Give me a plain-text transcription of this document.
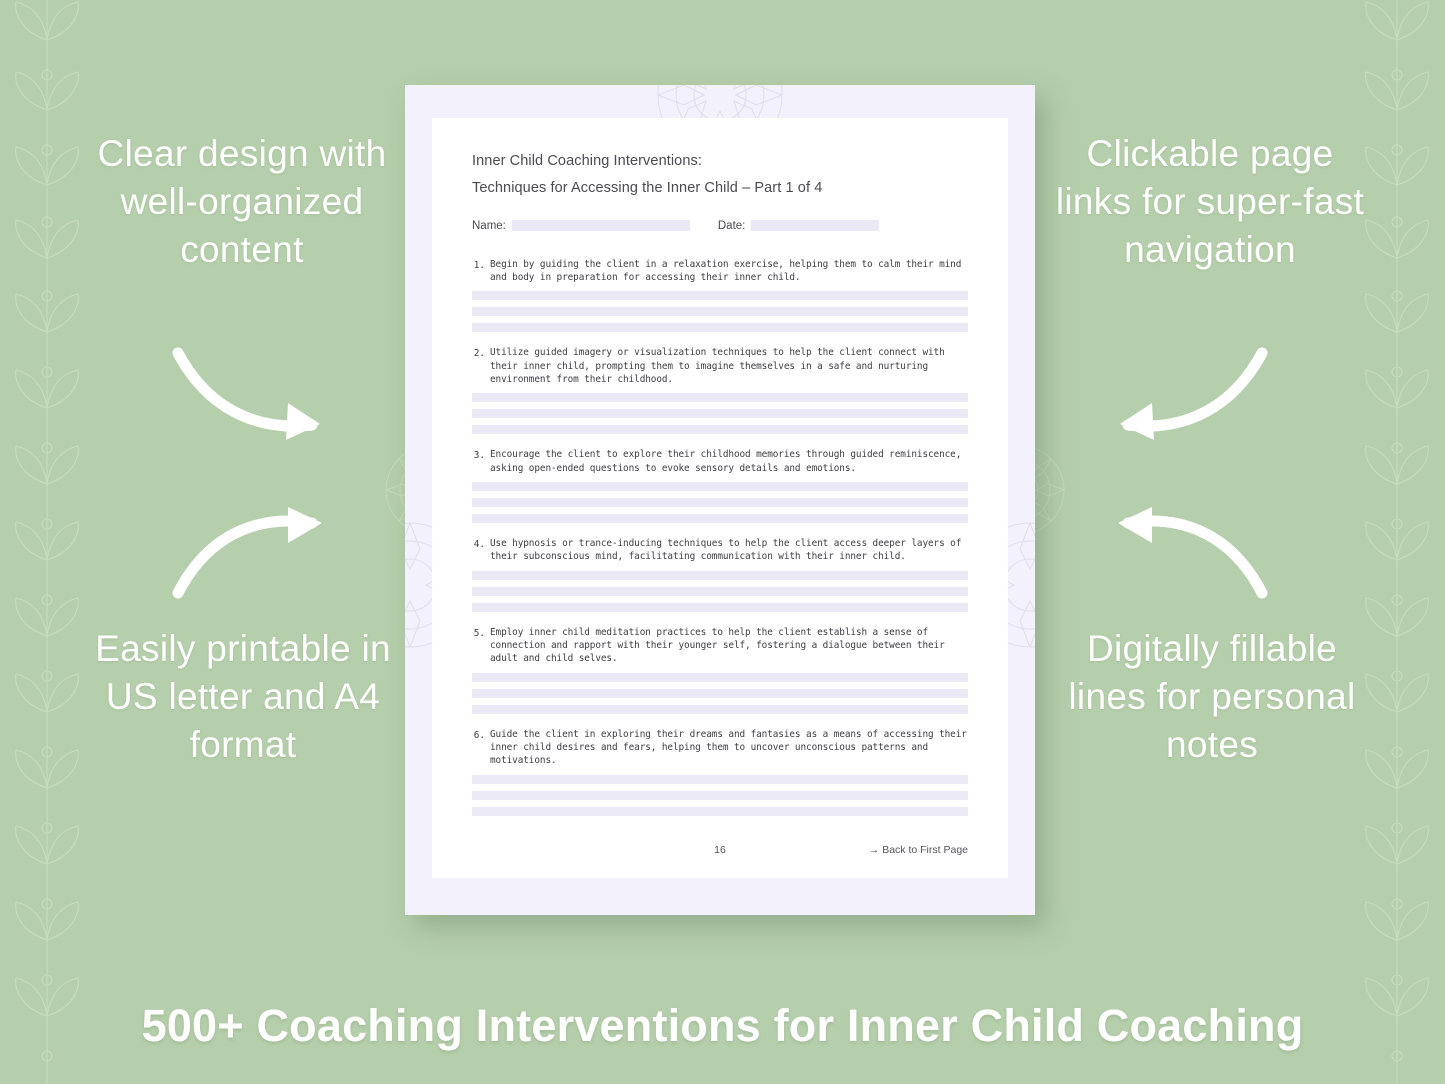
Clear design with well-organized content
Clickable page links for super-fast navigation
Easily printable in US letter and A4 format
Digitally fillable lines for personal notes
Inner Child Coaching Interventions:
Techniques for Accessing the Inner Child – Part 1 of 4
Name:	Date:
1. Begin by guiding the client in a relaxation exercise, helping them to calm their mind and body in preparation for accessing their inner child.
2. Utilize guided imagery or visualization techniques to help the client connect with their inner child, prompting them to imagine themselves in a safe and nurturing environment from their childhood.
3. Encourage the client to explore their childhood memories through guided reminiscence, asking open-ended questions to evoke sensory details and emotions.
4. Use hypnosis or trance-inducing techniques to help the client access deeper layers of their subconscious mind, facilitating communication with their inner child.
5. Employ inner child meditation practices to help the client establish a sense of connection and rapport with their younger self, fostering a dialogue between their adult and child selves.
6. Guide the client in exploring their dreams and fantasies as a means of accessing their inner child desires and fears, helping them to uncover unconscious patterns and motivations.
16	→ Back to First Page
500+ Coaching Interventions for Inner Child Coaching
